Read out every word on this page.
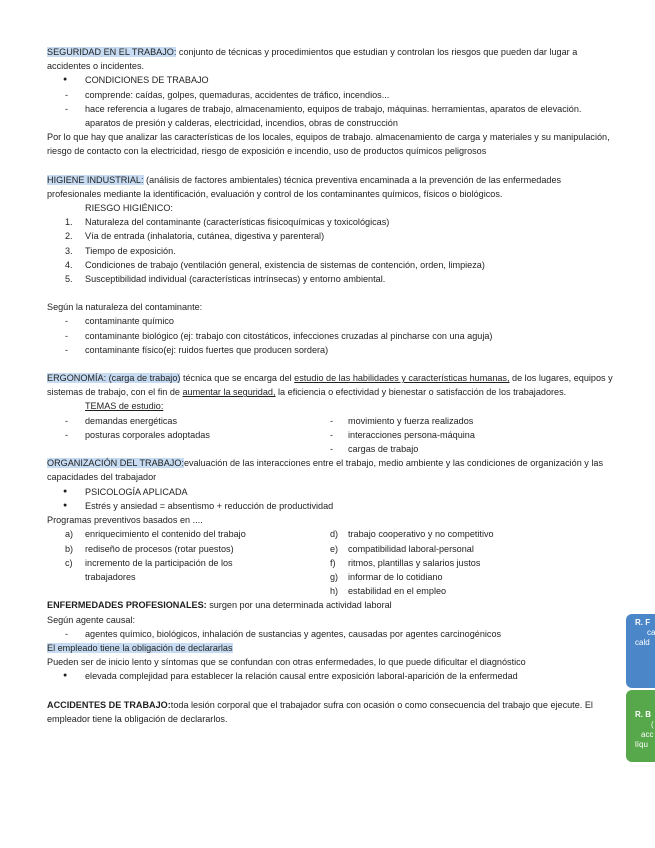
SEGURIDAD EN EL TRABAJO: conjunto de técnicas y procedimientos que estudian y controlan los riesgos que pueden dar lugar a accidentes o incidentes.

● CONDICIONES DE TRABAJO
- comprende: caídas, golpes, quemaduras, accidentes de tráfico, incendios...
- hace referencia a lugares de trabajo, almacenamiento, equipos de trabajo, máquinas. herramientas, aparatos de elevación. aparatos de presión y calderas, electricidad, incendios, obras de construcción

Por lo que hay que analizar las características de los locales, equipos de trabajo. almacenamiento de carga y materiales y su manipulación, riesgo de contacto con la electricidad, riesgo de exposición e incendio, uso de productos químicos peligrosos

HIGIENE INDUSTRIAL: (análisis de factores ambientales) técnica preventiva encaminada a la prevención de las enfermedades profesionales mediante la identificación, evaluación y control de los contaminantes químicos, físicos o biológicos.

RIESGO HIGIÉNICO:

1. Naturaleza del contaminante (características fisicoquímicas y toxicológicas)
2. Vía de entrada (inhalatoria, cutánea, digestiva y parenteral)
3. Tiempo de exposición.
4. Condiciones de trabajo (ventilación general, existencia de sistemas de contención, orden, limpieza)
5. Susceptibilidad individual (características intrínsecas) y entorno ambiental.

Según la naturaleza del contaminante:

- contaminante químico
- contaminante biológico (ej: trabajo con citostáticos, infecciones cruzadas al pincharse con una aguja)
- contaminante físico(ej: ruidos fuertes que producen sordera)

ERGONOMÍA: (carga de trabajo) técnica que se encarga del estudio de las habilidades y características humanas, de los lugares, equipos y sistemas de trabajo, con el fin de aumentar la seguridad, la eficiencia o efectividad y bienestar o satisfacción de los trabajadores.

TEMAS de estudio:

- demandas energéticas
- posturas corporales adoptadas
- movimiento y fuerza realizados
- interacciones persona-máquina
- cargas de trabajo

ORGANIZACIÓN DEL TRABAJO:evaluación de las interacciones entre el trabajo, medio ambiente y las condiciones de organización y las capacidades del trabajador

● PSICOLOGÍA APLICADA
● Estrés y ansiedad = absentismo + reducción de productividad

Programas preventivos basados en ....

a) enriquecimiento el contenido del trabajo
b) rediseño de procesos (rotar puestos)
c) incremento de la participación de los trabajadores
d) trabajo cooperativo y no competitivo
e) compatibilidad laboral-personal
f) ritmos, plantillas y salarios justos
g) informar de lo cotidiano
h) estabilidad en el empleo

ENFERMEDADES PROFESIONALES: surgen por una determinada actividad laboral

Según agente causal:

- agentes químico, biológicos, inhalación de sustancias y agentes, causadas por agentes carcinogénicos

El empleado tiene la obligación de declararlas

Pueden ser de inicio lento y síntomas que se confundan con otras enfermedades, lo que puede dificultar el diagnóstico

● elevada complejidad para establecer la relación causal entre exposición laboral-aparición de la enfermedad

ACCIDENTES DE TRABAJO:toda lesión corporal que el trabajador sufra con ocasión o como consecuencia del trabajo que ejecute. El empleador tiene la obligación de declararlos.

R. F
ca
cald
R. B
(
acc
líqu
